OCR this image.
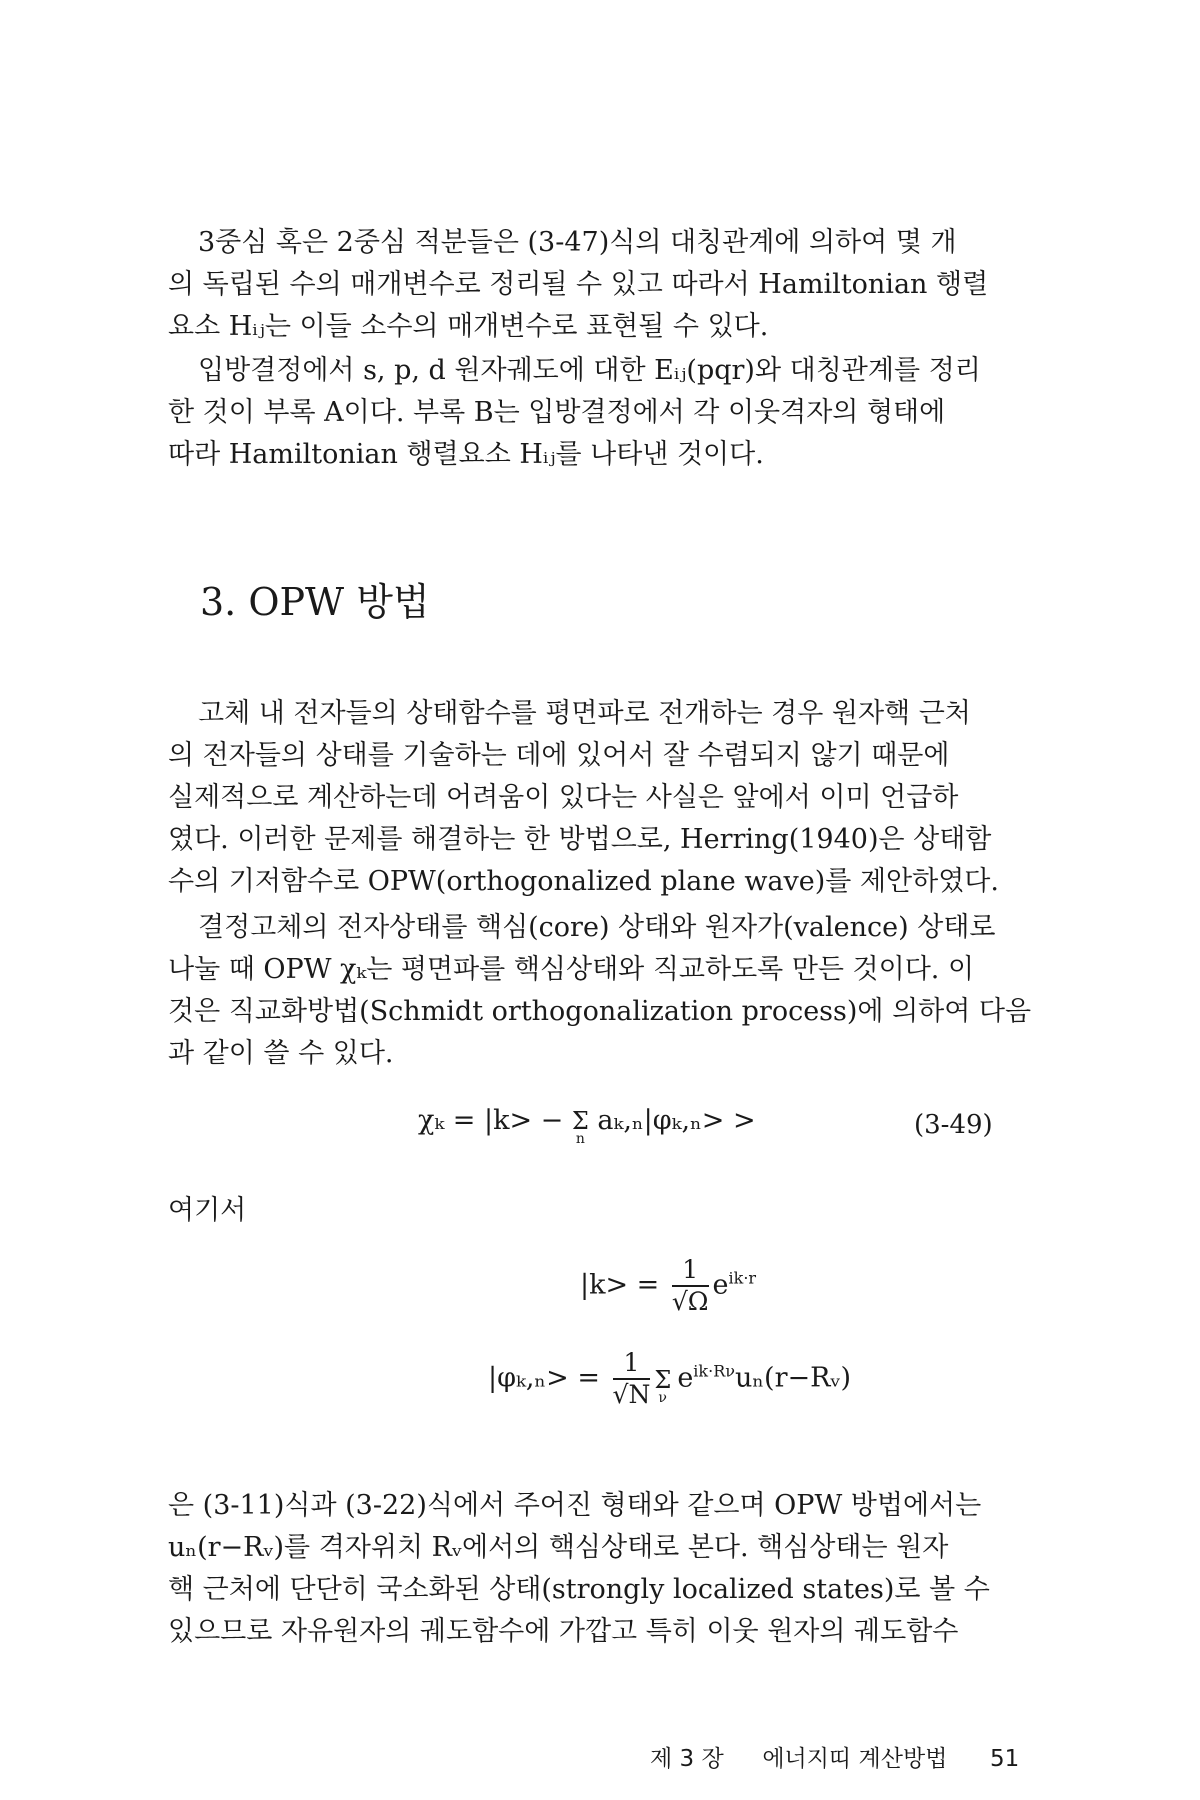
3중심 혹은 2중심 적분들은 (3-47)식의 대칭관계에 의하여 몇 개
의 독립된 수의 매개변수로 정리될 수 있고 따라서 Hamiltonian 행렬
요소 Hᵢⱼ는 이들 소수의 매개변수로 표현될 수 있다.
입방결정에서 s, p, d 원자궤도에 대한 Eᵢⱼ(pqr)와 대칭관계를 정리
한 것이 부록 A이다. 부록 B는 입방결정에서 각 이웃격자의 형태에
따라 Hamiltonian 행렬요소 Hᵢⱼ를 나타낸 것이다.
3. OPW 방법
고체 내 전자들의 상태함수를 평면파로 전개하는 경우 원자핵 근처
의 전자들의 상태를 기술하는 데에 있어서 잘 수렴되지 않기 때문에
실제적으로 계산하는데 어려움이 있다는 사실은 앞에서 이미 언급하
였다. 이러한 문제를 해결하는 한 방법으로, Herring(1940)은 상태함
수의 기저함수로 OPW(orthogonalized plane wave)를 제안하였다.
결정고체의 전자상태를 핵심(core) 상태와 원자가(valence) 상태로
나눌 때 OPW χₖ는 평면파를 핵심상태와 직교하도록 만든 것이다. 이
것은 직교화방법(Schmidt orthogonalization process)에 의하여 다음
과 같이 쓸 수 있다.
χₖ = |k> − Σ
n
aₖ,ₙ|φₖ,ₙ> >	(3-49)
여기서
$|k> = \frac{1}{√\Omega} e^{ik\cdot r}$
$|\varphi_k,_n> = \frac{1}{√N}$ Σ
ν
$e^{ik\cdot R\nu}u_n(r-Rᵥ)$
은 (3-11)식과 (3-22)식에서 주어진 형태와 같으며 OPW 방법에서는
uₙ(r−Rᵥ)를 격자위치 Rᵥ에서의 핵심상태로 본다. 핵심상태는 원자
핵 근처에 단단히 국소화된 상태(strongly localized states)로 볼 수
있으므로 자유원자의 궤도함수에 가깝고 특히 이웃 원자의 궤도함수
제 3 장 에너지띠 계산방법 51
